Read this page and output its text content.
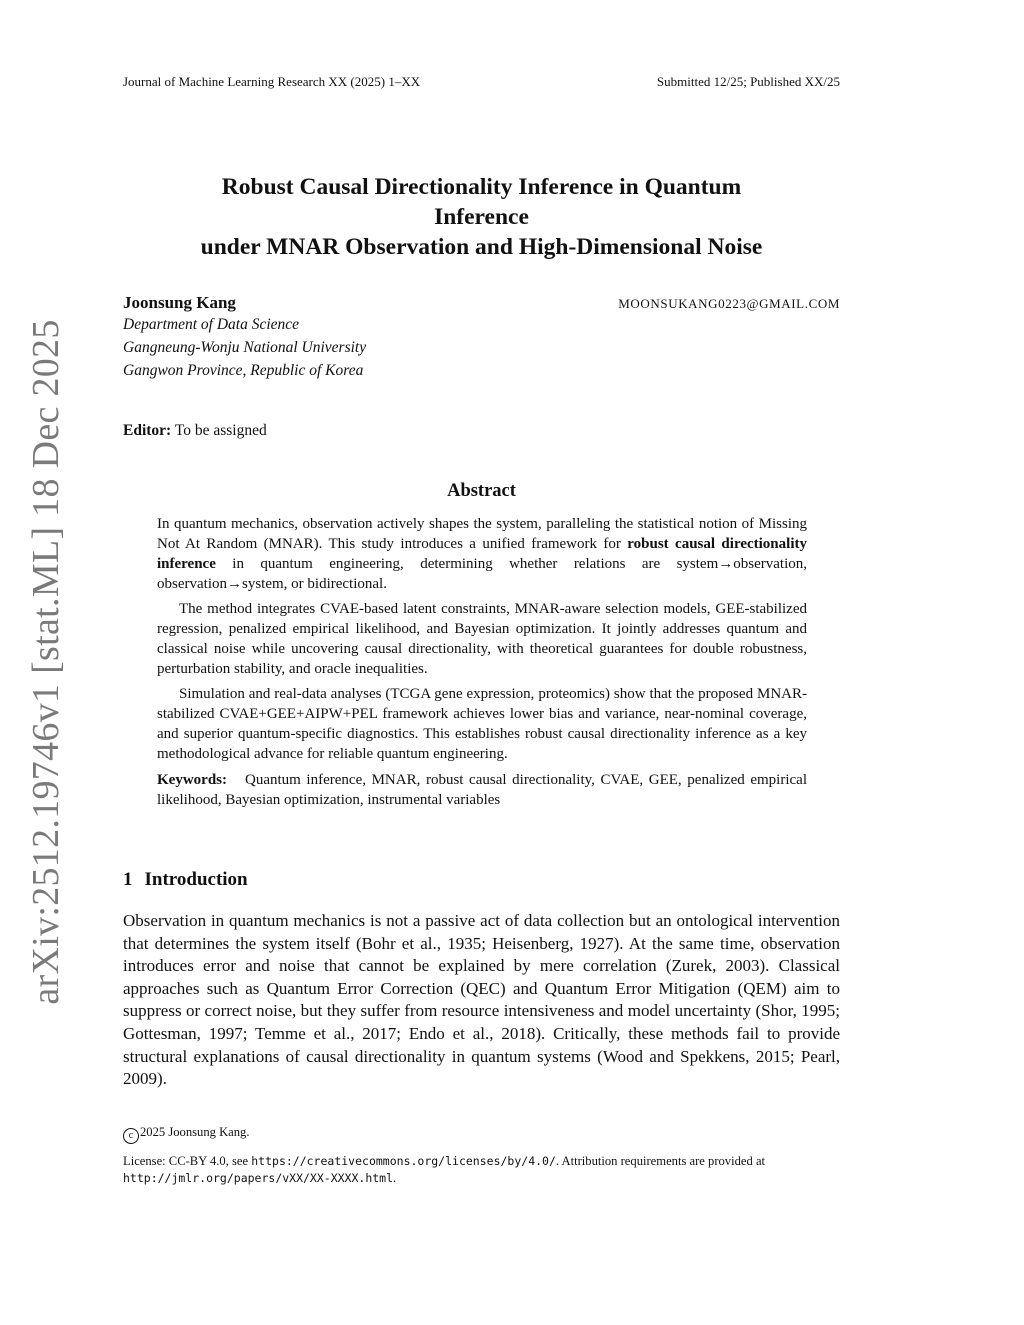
arXiv:2512.19746v1 [stat.ML] 18 Dec 2025
Journal of Machine Learning Research XX (2025) 1–XX	Submitted 12/25; Published XX/25
Robust Causal Directionality Inference in Quantum
Inference
under MNAR Observation and High-Dimensional Noise
Joonsung Kang	MOONSUKANG0223@GMAIL.COM
Department of Data Science
Gangneung-Wonju National University
Gangwon Province, Republic of Korea
Editor: To be assigned
Abstract

In quantum mechanics, observation actively shapes the system, paralleling the statistical notion of Missing Not At Random (MNAR). This study introduces a unified framework for robust causal directionality inference in quantum engineering, determining whether relations are system→observation, observation→system, or bidirectional.

The method integrates CVAE-based latent constraints, MNAR-aware selection models, GEE-stabilized regression, penalized empirical likelihood, and Bayesian optimization. It jointly addresses quantum and classical noise while uncovering causal directionality, with theoretical guarantees for double robustness, perturbation stability, and oracle inequalities.

Simulation and real-data analyses (TCGA gene expression, proteomics) show that the proposed MNAR-stabilized CVAE+GEE+AIPW+PEL framework achieves lower bias and variance, near-nominal coverage, and superior quantum-specific diagnostics. This establishes robust causal directionality inference as a key methodological advance for reliable quantum engineering.

Keywords: Quantum inference, MNAR, robust causal directionality, CVAE, GEE, penalized empirical likelihood, Bayesian optimization, instrumental variables

1 Introduction

Observation in quantum mechanics is not a passive act of data collection but an ontological intervention that determines the system itself (Bohr et al., 1935; Heisenberg, 1927). At the same time, observation introduces error and noise that cannot be explained by mere correlation (Zurek, 2003). Classical approaches such as Quantum Error Correction (QEC) and Quantum Error Mitigation (QEM) aim to suppress or correct noise, but they suffer from resource intensiveness and model uncertainty (Shor, 1995; Gottesman, 1997; Temme et al., 2017; Endo et al., 2018). Critically, these methods fail to provide structural explanations of causal directionality in quantum systems (Wood and Spekkens, 2015; Pearl, 2009).

c 2025 Joonsung Kang.
License: CC-BY 4.0, see https://creativecommons.org/licenses/by/4.0/. Attribution requirements are provided at http://jmlr.org/papers/vXX/XX-XXXX.html.
